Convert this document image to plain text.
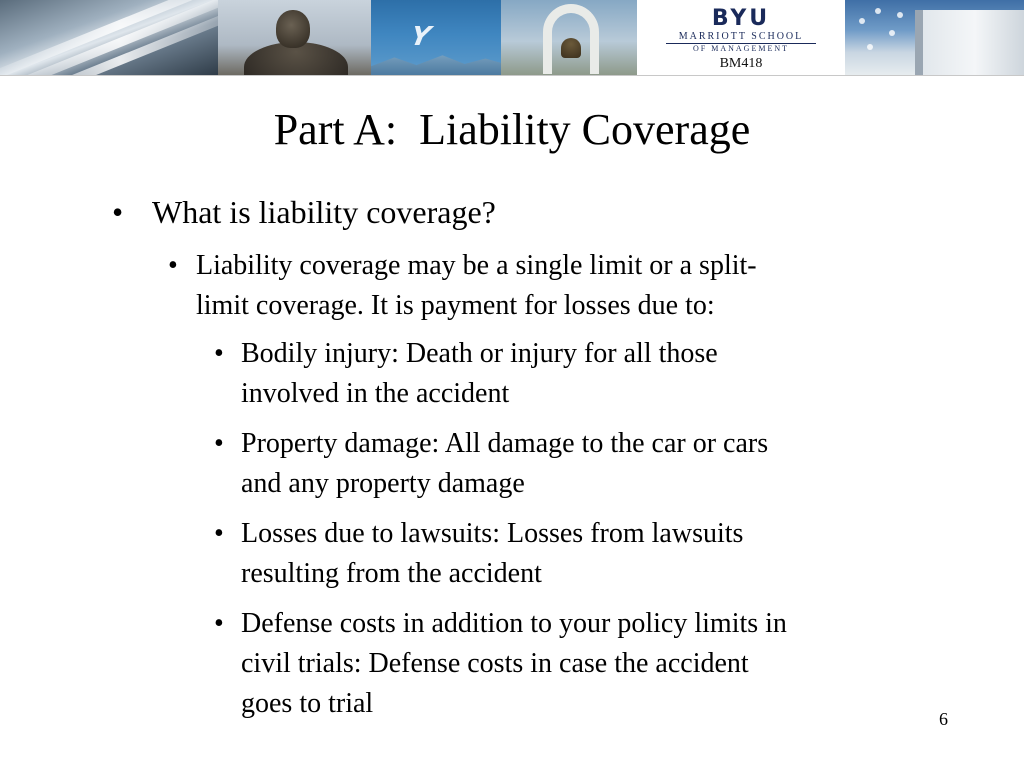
Y
BYU
MARRIOTT SCHOOL
OF MANAGEMENT
BM418
Part A:  Liability Coverage
• What is liability coverage?
• Liability coverage may be a single limit or a split-
limit coverage. It is payment for losses due to:
• Bodily injury: Death or injury for all those
involved in the accident
• Property damage: All damage to the car or cars
and any property damage
• Losses due to lawsuits: Losses from lawsuits
resulting from the accident
• Defense costs in addition to your policy limits in
civil trials: Defense costs in case the accident
goes to trial	6
